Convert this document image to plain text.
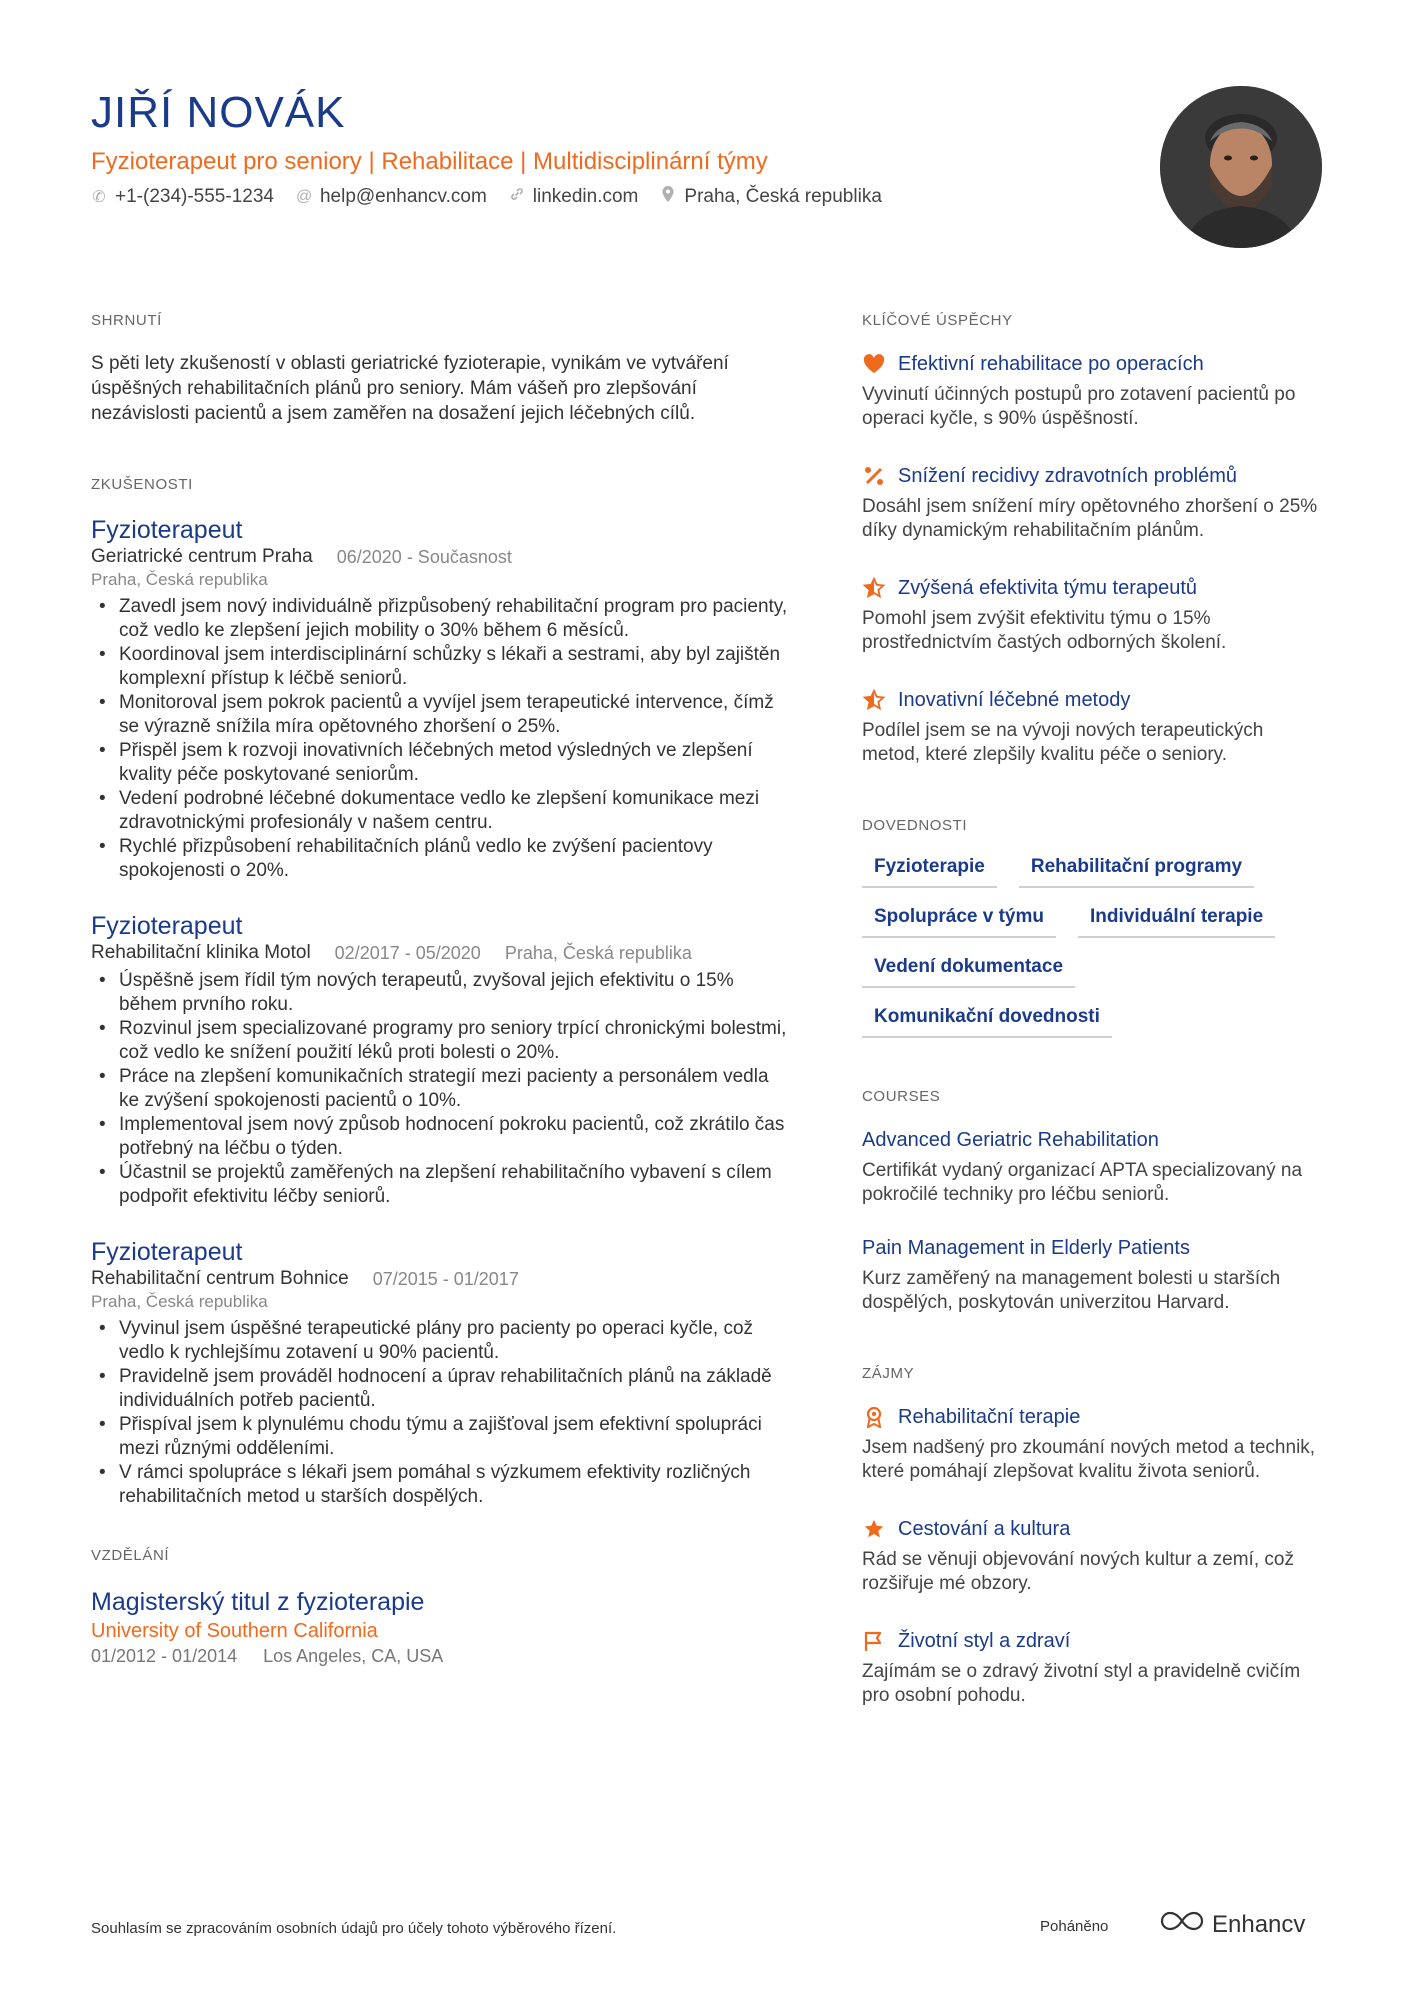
JIŘÍ NOVÁK
Fyzioterapeut pro seniory | Rehabilitace | Multidisciplinární týmy
✆ +1-(234)-555-1234 @ help@enhancv.com linkedin.com Praha, Česká republika
SHRNUTÍ
S pěti lety zkušeností v oblasti geriatrické fyzioterapie, vynikám ve vytváření úspěšných rehabilitačních plánů pro seniory. Mám vášeň pro zlepšování nezávislosti pacientů a jsem zaměřen na dosažení jejich léčebných cílů.
ZKUŠENOSTI
Fyzioterapeut
Geriatrické centrum Praha 06/2020 - Současnost
Praha, Česká republika
• Zavedl jsem nový individuálně přizpůsobený rehabilitační program pro pacienty, což vedlo ke zlepšení jejich mobility o 30% během 6 měsíců.
• Koordinoval jsem interdisciplinární schůzky s lékaři a sestrami, aby byl zajištěn komplexní přístup k léčbě seniorů.
• Monitoroval jsem pokrok pacientů a vyvíjel jsem terapeutické intervence, čímž se výrazně snížila míra opětovného zhoršení o 25%.
• Přispěl jsem k rozvoji inovativních léčebných metod výsledných ve zlepšení kvality péče poskytované seniorům.
• Vedení podrobné léčebné dokumentace vedlo ke zlepšení komunikace mezi zdravotnickými profesionály v našem centru.
• Rychlé přizpůsobení rehabilitačních plánů vedlo ke zvýšení pacientovy spokojenosti o 20%.
Fyzioterapeut
Rehabilitační klinika Motol 02/2017 - 05/2020 Praha, Česká republika
• Úspěšně jsem řídil tým nových terapeutů, zvyšoval jejich efektivitu o 15% během prvního roku.
• Rozvinul jsem specializované programy pro seniory trpící chronickými bolestmi, což vedlo ke snížení použití léků proti bolesti o 20%.
• Práce na zlepšení komunikačních strategií mezi pacienty a personálem vedla ke zvýšení spokojenosti pacientů o 10%.
• Implementoval jsem nový způsob hodnocení pokroku pacientů, což zkrátilo čas potřebný na léčbu o týden.
• Účastnil se projektů zaměřených na zlepšení rehabilitačního vybavení s cílem podpořit efektivitu léčby seniorů.
Fyzioterapeut
Rehabilitační centrum Bohnice 07/2015 - 01/2017
Praha, Česká republika
• Vyvinul jsem úspěšné terapeutické plány pro pacienty po operaci kyčle, což vedlo k rychlejšímu zotavení u 90% pacientů.
• Pravidelně jsem prováděl hodnocení a úprav rehabilitačních plánů na základě individuálních potřeb pacientů.
• Přispíval jsem k plynulému chodu týmu a zajišťoval jsem efektivní spolupráci mezi různými odděleními.
• V rámci spolupráce s lékaři jsem pomáhal s výzkumem efektivity rozličných rehabilitačních metod u starších dospělých.
VZDĚLÁNÍ
Magisterský titul z fyzioterapie
University of Southern California
01/2012 - 01/2014 Los Angeles, CA, USA
KLÍČOVÉ ÚSPĚCHY
Efektivní rehabilitace po operacích
Vyvinutí účinných postupů pro zotavení pacientů po operaci kyčle, s 90% úspěšností.
Snížení recidivy zdravotních problémů
Dosáhl jsem snížení míry opětovného zhoršení o 25% díky dynamickým rehabilitačním plánům.
Zvýšená efektivita týmu terapeutů
Pomohl jsem zvýšit efektivitu týmu o 15% prostřednictvím častých odborných školení.
Inovativní léčebné metody
Podílel jsem se na vývoji nových terapeutických metod, které zlepšily kvalitu péče o seniory.
DOVEDNOSTI
Fyzioterapie	Rehabilitační programy
Spolupráce v týmu	Individuální terapie
Vedení dokumentace
Komunikační dovednosti
COURSES
Advanced Geriatric Rehabilitation
Certifikát vydaný organizací APTA specializovaný na pokročilé techniky pro léčbu seniorů.
Pain Management in Elderly Patients
Kurz zaměřený na management bolesti u starších dospělých, poskytován univerzitou Harvard.
ZÁJMY
Rehabilitační terapie
Jsem nadšený pro zkoumání nových metod a technik, které pomáhají zlepšovat kvalitu života seniorů.
Cestování a kultura
Rád se věnuji objevování nových kultur a zemí, což rozšiřuje mé obzory.
Životní styl a zdraví
Zajímám se o zdravý životní styl a pravidelně cvičím pro osobní pohodu.
Souhlasím se zpracováním osobních údajů pro účely tohoto výběrového řízení.	Poháněno	Enhancv
